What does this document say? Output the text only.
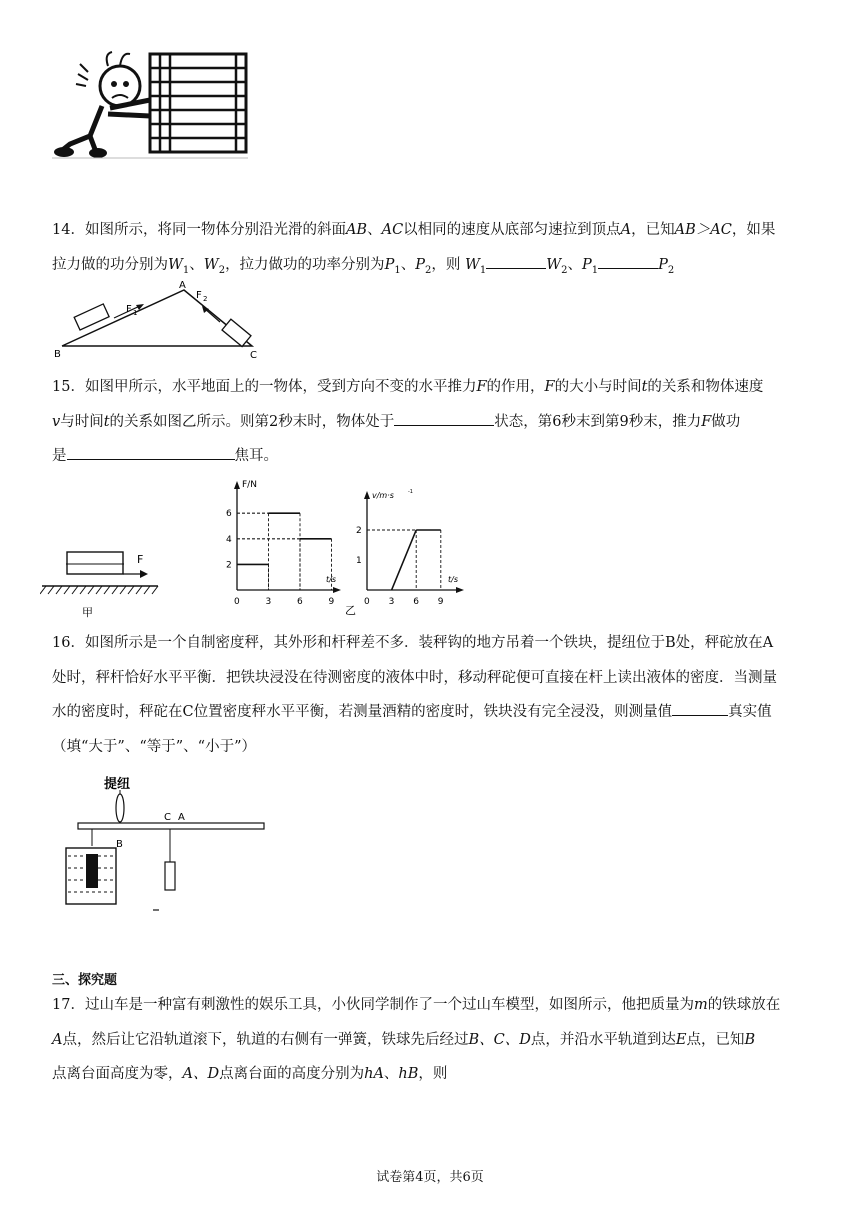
14．如图所示，将同一物体分别沿光滑的斜面AB、AC以相同的速度从底部匀速拉到顶点A，已知AB＞AC，如果
拉力做的功分别为$W_1$、$W_2$，拉力做功的功率分别为$P_1$、$P_2$，则 $W_1$	$W_2$、$P_1$	$P_2$
A
B	C
F 1
F 2
15．如图甲所示，水平地面上的一物体，受到方向不变的水平推力F的作用，F的大小与时间t的关系和物体速度
v与时间t的关系如图乙所示。则第2秒末时，物体处于	状态，第6秒末到第9秒末，推力F做功
是	焦耳。
F
甲
F/N
t/s
0	3	6	9
2
4
6
v/m·s	-1
t/s
0 3 6 9
1
2
乙
16．如图所示是一个自制密度秤，其外形和杆秤差不多．装秤钩的地方吊着一个铁块，提纽位于B处，秤砣放在A
处时，秤杆恰好水平平衡．把铁块浸没在待测密度的液体中时，移动秤砣便可直接在杆上读出液体的密度．当测量
水的密度时，秤砣在C位置密度秤水平平衡，若测量酒精的密度时，铁块没有完全浸没，则测量值	真实值
（填“大于”、“等于”、“小于”）
提纽
B
C A
三、探究题
17．过山车是一种富有刺激性的娱乐工具，小伙同学制作了一个过山车模型，如图所示，他把质量为m的铁球放在
A点，然后让它沿轨道滚下，轨道的右侧有一弹簧，铁球先后经过B、C、D点，并沿水平轨道到达E点，已知B
点离台面高度为零，A、D点离台面的高度分别为hA、hB，则
试卷第4页，共6页
